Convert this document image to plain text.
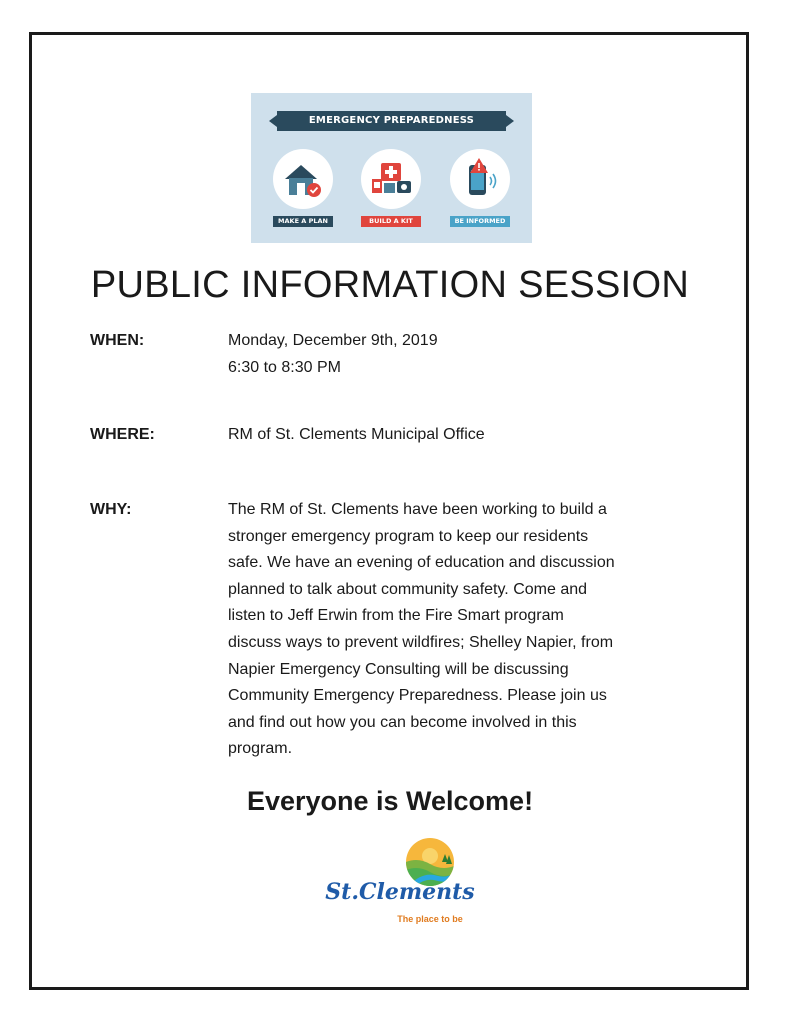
EMERGENCY PREPAREDNESS
MAKE A PLAN	BUILD A KIT	BE INFORMED
PUBLIC INFORMATION SESSION
WHEN:	Monday, December 9th, 2019
6:30 to 8:30 PM
WHERE:	RM of St. Clements Municipal Office
WHY:	The RM of St. Clements have been working to build a
stronger emergency program to keep our residents
safe. We have an evening of education and discussion
planned to talk about community safety. Come and
listen to Jeff Erwin from the Fire Smart program
discuss ways to prevent wildfires; Shelley Napier, from
Napier Emergency Consulting will be discussing
Community Emergency Preparedness. Please join us
and find out how you can become involved in this
program.
Everyone is Welcome!
St.Clements
The place to be
